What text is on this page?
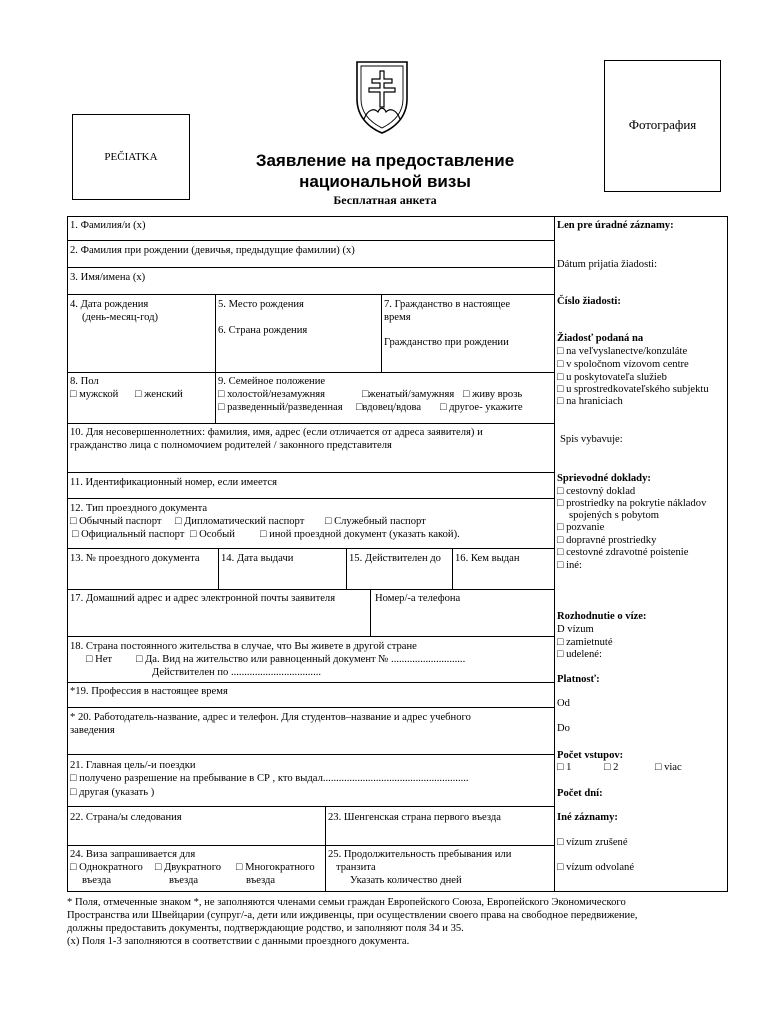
PEČIATKA
Фотография
Заявление на предоставление
национальной визы
Бесплатная анкета
1. Фамилия/и (x)
2. Фамилия при рождении (девичья, предыдущие фамилии) (x)
3. Имя/имена (x)
4. Дата рождения
(день-месяц-год)
5. Место рождения
6. Страна рождения
7. Гражданство в настоящее
время
Гражданство при рождении
8. Пол
□ мужской □	женский
9. Семейное положение
□ холостой/незамужняя □	женатый/замужняя □	живу врозь
□ разведенный/разведенная □	вдовец/вдова □	другое- укажите
10. Для несовершеннолетних: фамилия, имя, адрес (если отличается от адреса заявителя) и
гражданство лица с полномочием родителей / законного представителя
11. Идентификационный номер, если имеется
12. Тип проездного документа
□ Обычный паспорт □	Дипломатический паспорт □	Служебный паспорт
□ Официальный паспорт □	Особый □	иной проездной документ (указать какой).
13. № проездного документа 14. Дата выдачи	15. Действителен до 16. Кем выдан
17. Домашний адрес и адрес электронной почты заявителя	Номер/-а телефона
18. Страна постоянного жительства в случае, что Вы живете в другой стране
□ Нет □	Да. Вид на жительство или равноценный документ № ............................
Действителен по ..................................
*19. Профессия в настоящее время
* 20. Работодатель-название, адрес и телефон. Для студентов–название и адрес учебного
заведения
21. Главная цель/-и поездки
□ получено разрешение на пребывание в СР , кто выдал.......................................................
□ другая (указать )
22. Страна/ы следования	23. Шенгенская страна первого въезда
24. Виза запрашивается для
□ Однократного □	Двукратного □	Многократного
въезда	въезда	въезда
25. Продолжительность пребывания или
транзита
Указать количество дней
Len pre úradné záznamy:
Dátum prijatia žiadosti:
Číslo žiadosti:
Žiadosť podaná na
□ na veľvyslanectve/konzuláte
□ v spoločnom vízovom centre
□ u poskytovateľa služieb
□ u sprostredkovateľského subjektu
□ na hraniciach
Spis vybavuje:
Sprievodné doklady:
□ cestovný doklad
□ prostriedky na pokrytie nákladov
spojených s pobytom
□ pozvanie
□ dopravné prostriedky
□ cestovné zdravotné poistenie
□ iné:
Rozhodnutie o víze:
D vízum
□ zamietnuté
□ udelené:
Platnosť:
Od
Do
Počet vstupov:
□ 1 □	2 □	viac
Počet dní:
Iné záznamy:
□ vízum zrušené
□ vízum odvolané
* Поля, отмеченные знаком *, не заполняются членами семьи граждан Европейского Союза, Европейского Экономического
Пространства или Швейцарии (супруг/-а, дети или иждивенцы, при осуществлении своего права на свободное передвижение,
должны предоставить документы, подтверждающие родство, и заполняют поля 34 и 35.
(x) Поля 1-3 заполняются в соответствии с данными проездного документа.
